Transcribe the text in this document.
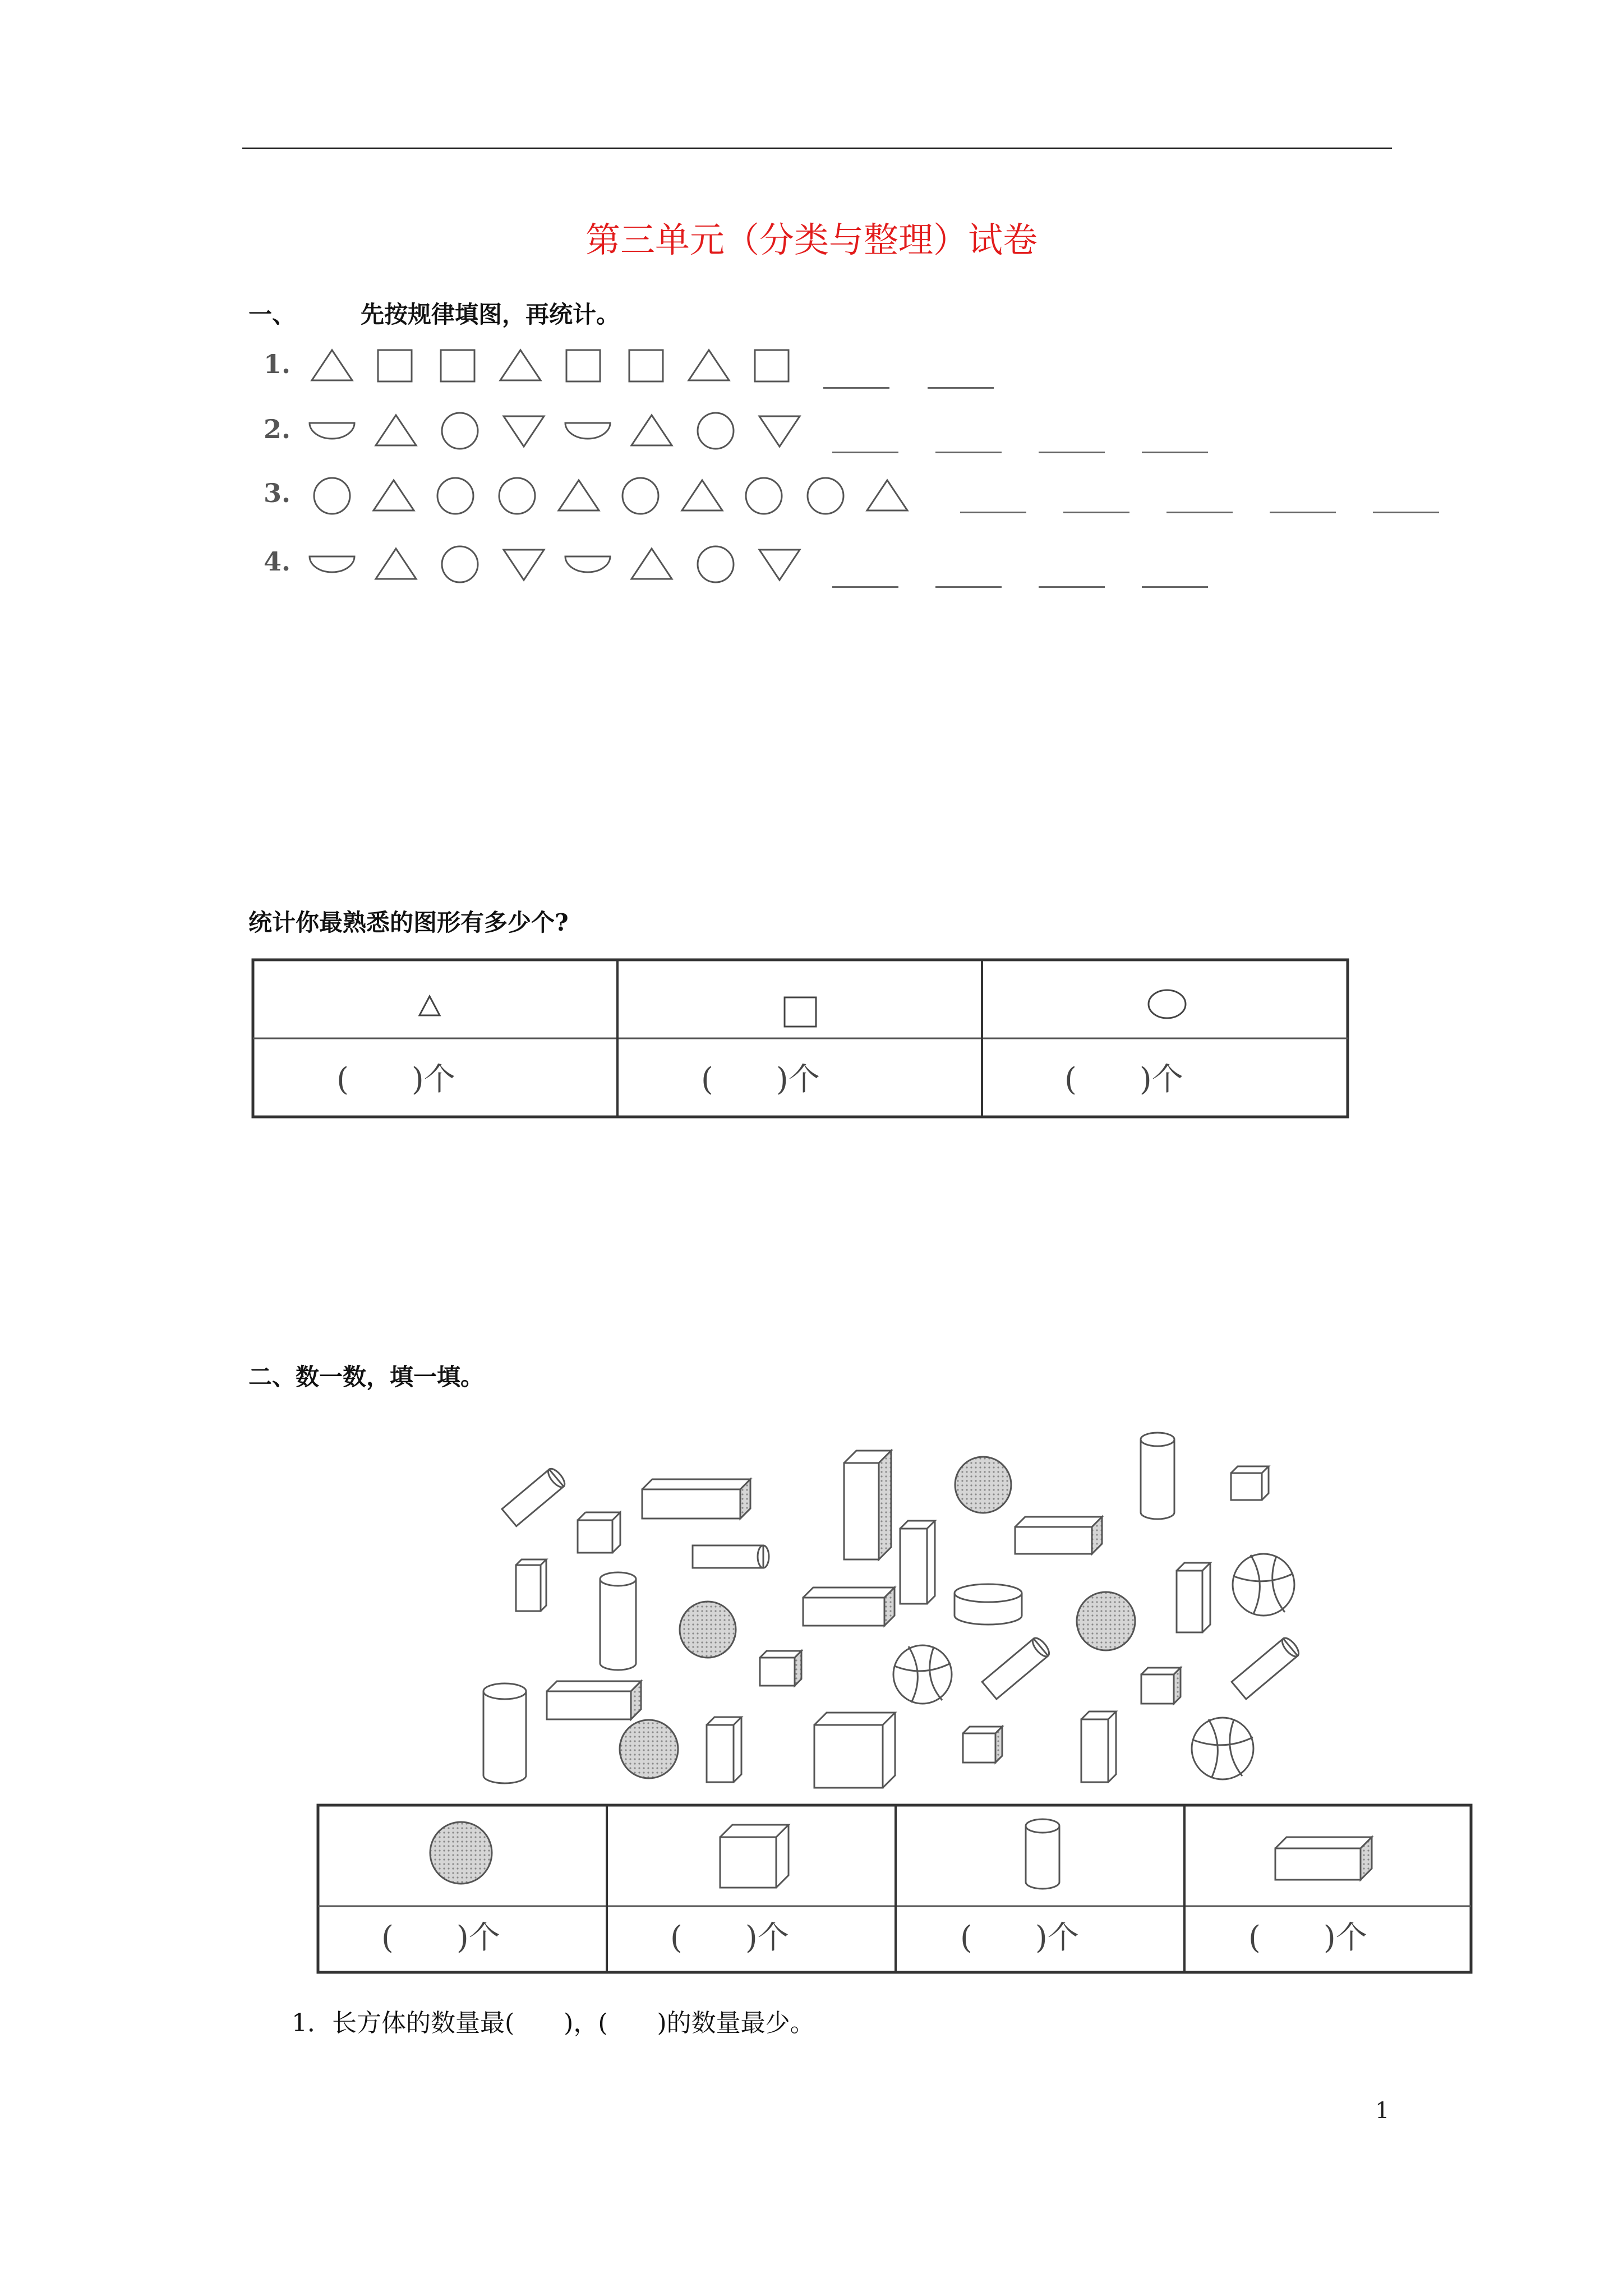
第三单元（分类与整理）试卷
一、	先按规律填图，再统计。
1.
2.
3.
4.
统计你最熟悉的图形有多少个?
(　　)个	(　　)个	(　　)个
二、数一数，填一填。
(　　)个	(　　)个	(　　)个	(　　)个
1．长方体的数量最(　　)，(　　)的数量最少。
1
